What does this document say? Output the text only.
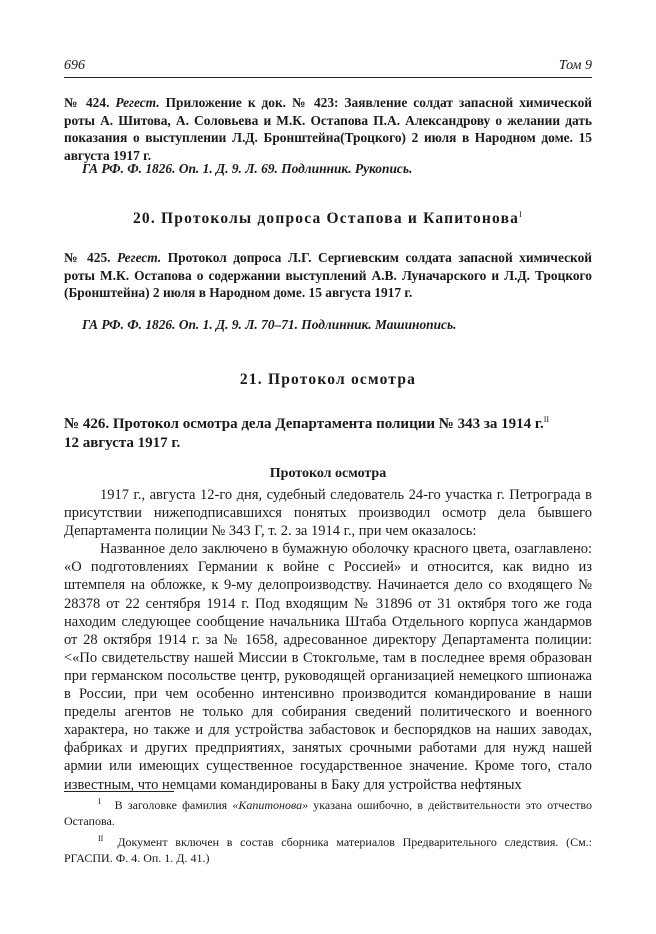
696	Том 9
№ 424. Регест. Приложение к док. № 423: Заявление солдат запасной химической роты А. Шитова, А. Соловьева и М.К. Остапова П.А. Александрову о желании дать показания о выступлении Л.Д. Бронштейна(Троцкого) 2 июля в Народном доме. 15 августа 1917 г.
ГА РФ. Ф. 1826. Оп. 1. Д. 9. Л. 69. Подлинник. Рукопись.
20. Протоколы допроса Остапова и Капитонова$^I$
№ 425. Регест. Протокол допроса Л.Г. Сергиевским солдата запасной химической роты М.К. Остапова о содержании выступлений А.В. Луначарского и Л.Д. Троцкого (Бронштейна) 2 июля в Народном доме. 15 августа 1917 г.
ГА РФ. Ф. 1826. Оп. 1. Д. 9. Л. 70–71. Подлинник. Машинопись.
21. Протокол осмотра
№ 426. Протокол осмотра дела Департамента полиции № 343 за 1914 г.$^{II}$
12 августа 1917 г.
Протокол осмотра

1917 г., августа 12-го дня, судебный следователь 24-го участка г. Петрограда в присутствии нижеподписавшихся понятых производил осмотр дела бывшего Департамента полиции № 343 Г, т. 2. за 1914 г., при чем оказалось:

Названное дело заключено в бумажную оболочку красного цвета, озаглавлено: «О подготовлениях Германии к войне с Россией» и относится, как видно из штемпеля на обложке, к 9-му делопроизводству. Начинается дело со входящего № 28378 от 22 сентября 1914 г. Под входящим № 31896 от 31 октября того же года находим следующее сообщение начальника Штаба Отдельного корпуса жандармов от 28 октября 1914 г. за № 1658, адресованное директору Департамента полиции: <«По свидетельству нашей Миссии в Стокгольме, там в последнее время образован при германском посольстве центр, руководящей организацией немецкого шпионажа в России, при чем особенно интенсивно производится командирование в наши пределы агентов не только для собирания сведений политического и военного характера, но также и для устройства забастовок и беспорядков на наших заводах, фабриках и других предприятиях, занятых срочными работами для нужд нашей армии или имеющих существенное государственное значение. Кроме того, стало известным, что немцами командированы в Баку для устройства нефтяных

$^I$ В заголовке фамилия «Капитонова» указана ошибочно, в действительности это отчество Остапова.

$^{II}$ Документ включен в состав сборника материалов Предварительного следствия. (См.: РГАСПИ. Ф. 4. Оп. 1. Д. 41.)
